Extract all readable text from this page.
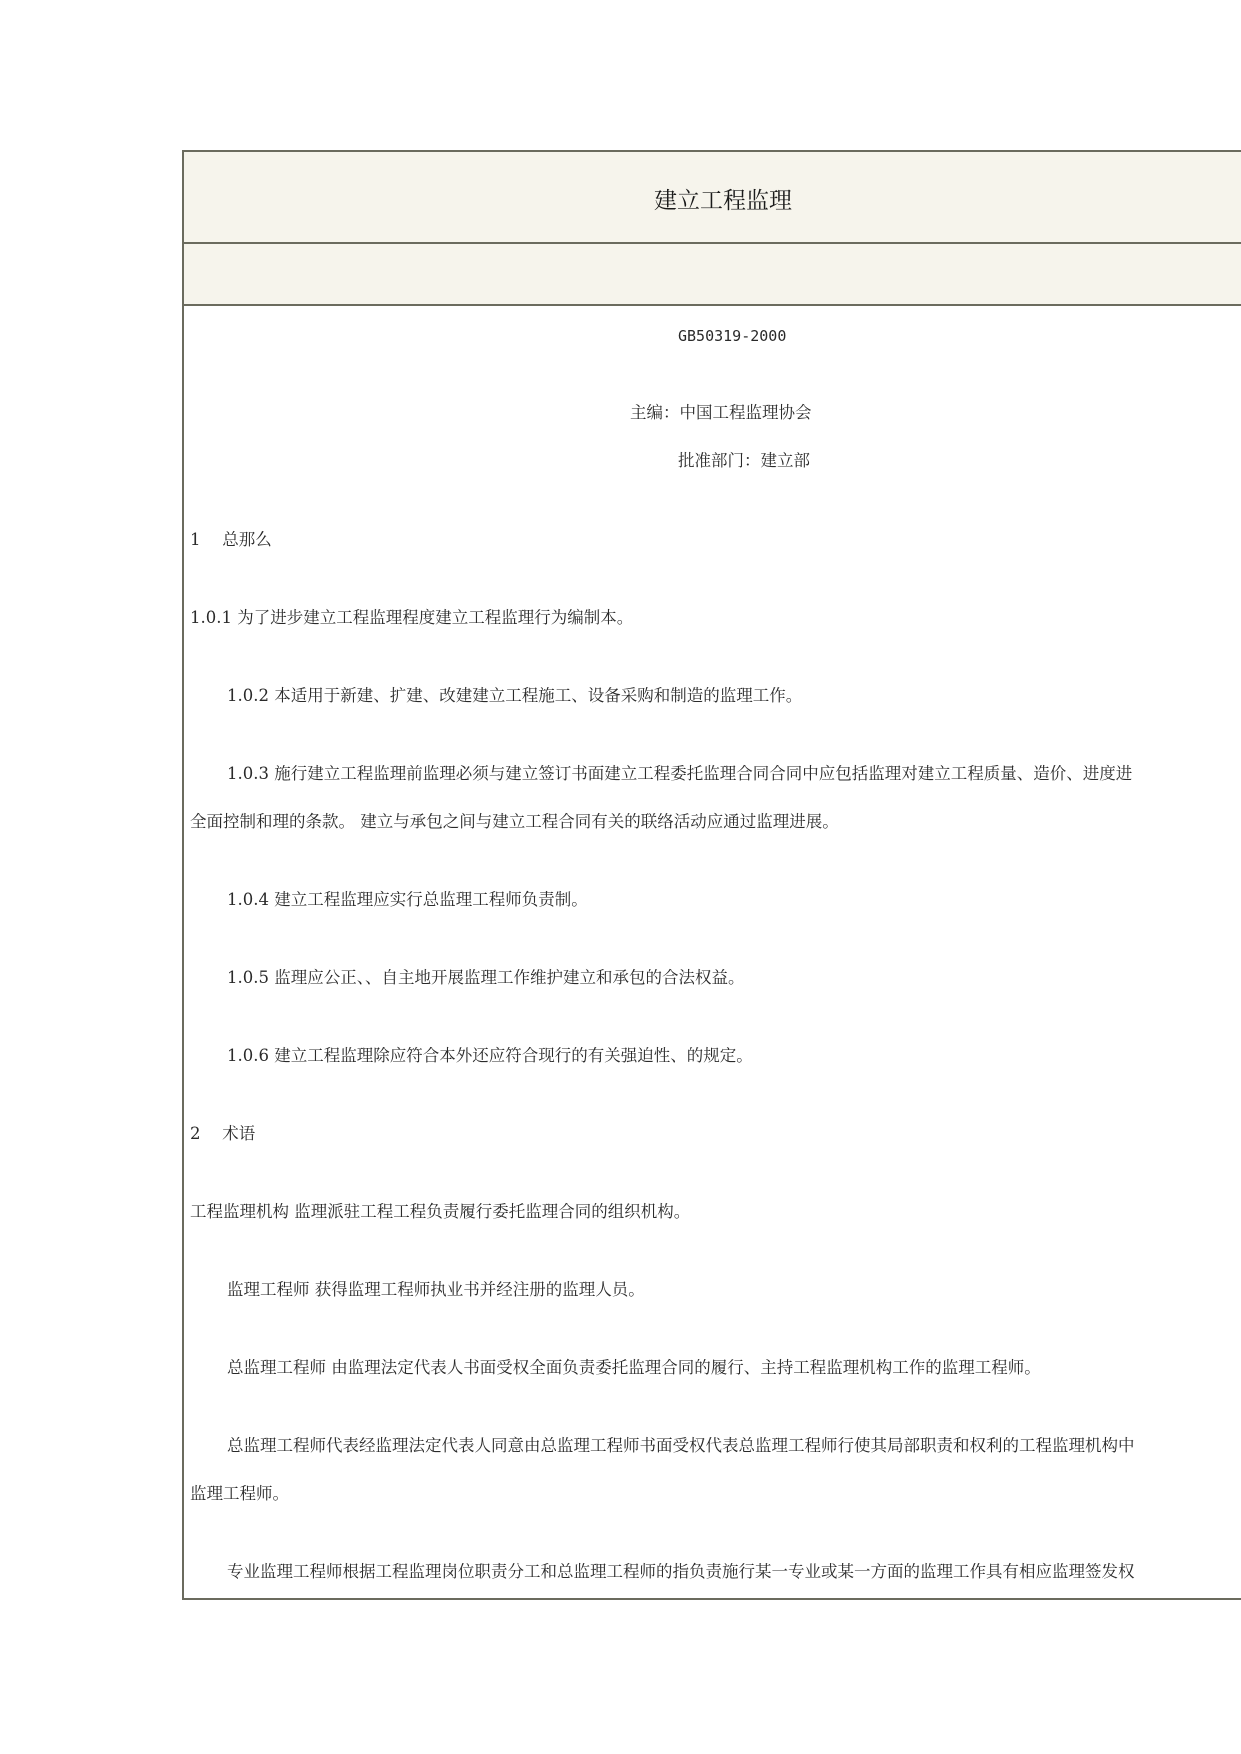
建立工程监理
GB50319-2000
主编：中国工程监理协会
批准部门：建立部
1　 总那么
1.0.1 为了进步建立工程监理程度建立工程监理行为编制本。
1.0.2 本适用于新建、扩建、改建建立工程施工、设备采购和制造的监理工作。
1.0.3 施行建立工程监理前监理必须与建立签订书面建立工程委托监理合同合同中应包括监理对建立工程质量、造价、进度进
全面控制和理的条款。 建立与承包之间与建立工程合同有关的联络活动应通过监理进展。
1.0.4 建立工程监理应实行总监理工程师负责制。
1.0.5 监理应公正、、自主地开展监理工作维护建立和承包的合法权益。
1.0.6 建立工程监理除应符合本外还应符合现行的有关强迫性、的规定。
2　 术语
工程监理机构 监理派驻工程工程负责履行委托监理合同的组织机构。
监理工程师 获得监理工程师执业书并经注册的监理人员。
总监理工程师 由监理法定代表人书面受权全面负责委托监理合同的履行、主持工程监理机构工作的监理工程师。
总监理工程师代表经监理法定代表人同意由总监理工程师书面受权代表总监理工程师行使其局部职责和权利的工程监理机构中
监理工程师。
专业监理工程师根据工程监理岗位职责分工和总监理工程师的指负责施行某一专业或某一方面的监理工作具有相应监理签发权
